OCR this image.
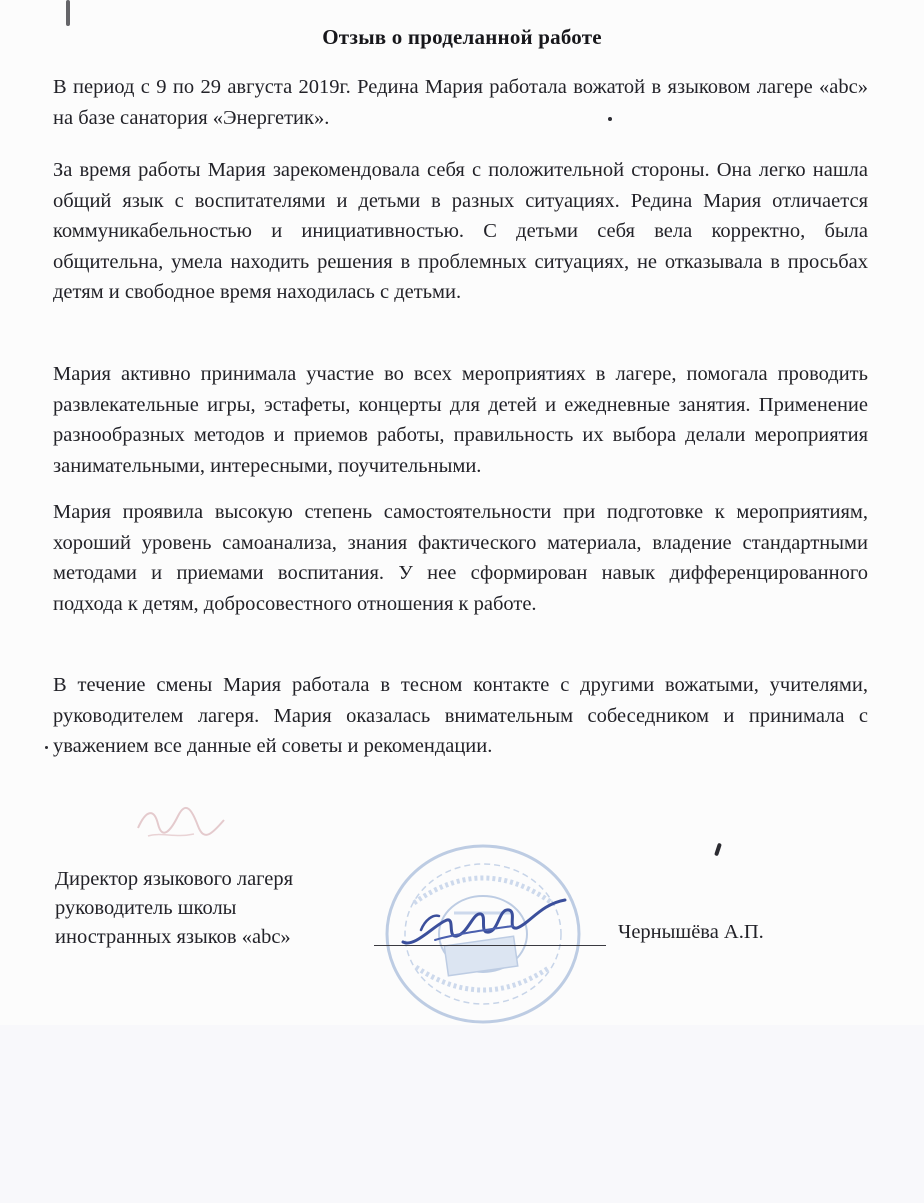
Отзыв о проделанной работе
В период с 9 по 29 августа 2019г. Редина Мария работала вожатой в языковом лагере «abc» на базе санатория «Энергетик».
За время работы Мария зарекомендовала себя с положительной стороны. Она легко нашла общий язык с воспитателями и детьми в разных ситуациях. Редина Мария отличается коммуникабельностью и инициативностью. С детьми себя вела корректно, была общительна, умела находить решения в проблемных ситуациях, не отказывала в просьбах детям и свободное время находилась с детьми.
Мария активно принимала участие во всех мероприятиях в лагере, помогала проводить развлекательные игры, эстафеты, концерты для детей и ежедневные занятия. Применение разнообразных методов и приемов работы, правильность их выбора делали мероприятия занимательными, интересными, поучительными.
Мария проявила высокую степень самостоятельности при подготовке к мероприятиям, хороший уровень самоанализа, знания фактического материала, владение стандартными методами и приемами воспитания. У нее сформирован навык дифференцированного подхода к детям, добросовестного отношения к работе.
В течение смены Мария работала в тесном контакте с другими вожатыми, учителями, руководителем лагеря. Мария оказалась внимательным собеседником и принимала с уважением все данные ей советы и рекомендации.
Директор языкового лагеря
руководитель школы
иностранных языков «abc»	Чернышёва А.П.
